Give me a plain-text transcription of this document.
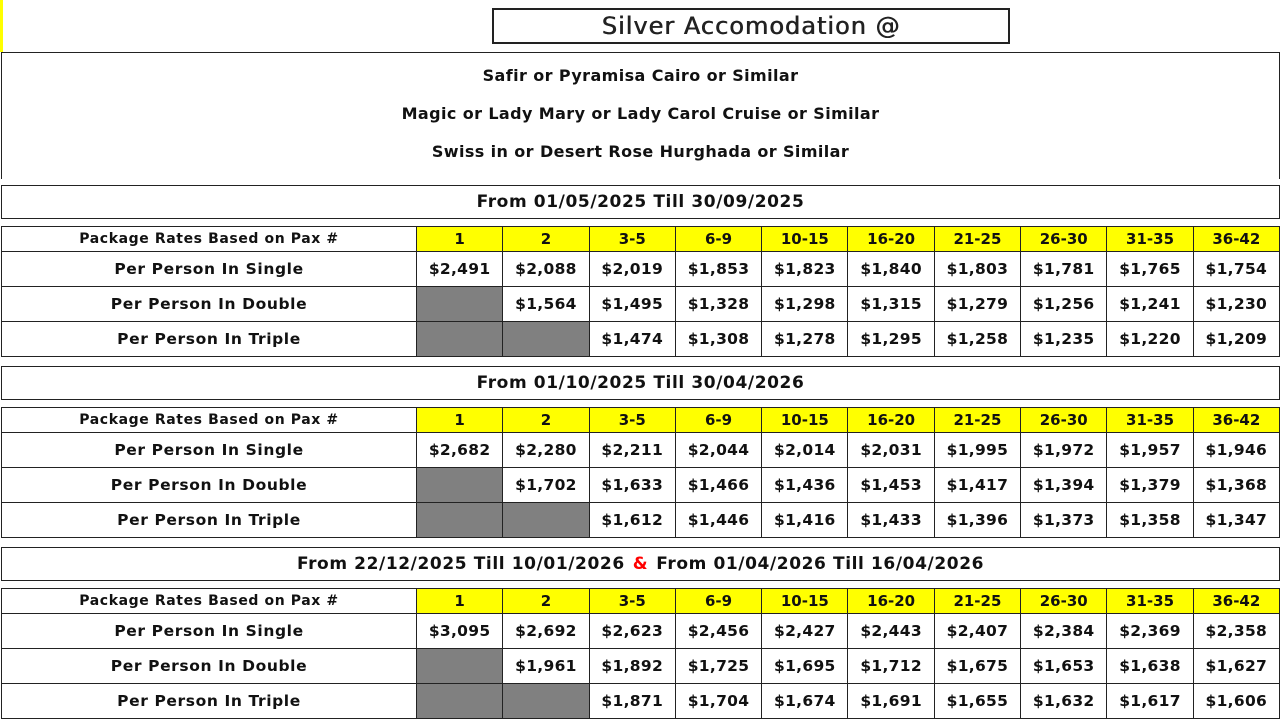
Silver Accomodation @
Safir or Pyramisa Cairo or Similar
Magic or Lady Mary or Lady Carol Cruise or Similar
Swiss in or Desert Rose Hurghada or Similar
From 01/05/2025 Till 30/09/2025
Package Rates Based on Pax #	1	2	3-5	6-9	10-15	16-20	21-25	26-30	31-35	36-42
Per Person In Single	$2,491	$2,088	$2,019	$1,853	$1,823	$1,840	$1,803	$1,781	$1,765	$1,754
Per Person In Double		$1,564	$1,495	$1,328	$1,298	$1,315	$1,279	$1,256	$1,241	$1,230
Per Person In Triple			$1,474	$1,308	$1,278	$1,295	$1,258	$1,235	$1,220	$1,209
From 01/10/2025 Till 30/04/2026
Package Rates Based on Pax #	1	2	3-5	6-9	10-15	16-20	21-25	26-30	31-35	36-42
Per Person In Single	$2,682	$2,280	$2,211	$2,044	$2,014	$2,031	$1,995	$1,972	$1,957	$1,946
Per Person In Double		$1,702	$1,633	$1,466	$1,436	$1,453	$1,417	$1,394	$1,379	$1,368
Per Person In Triple			$1,612	$1,446	$1,416	$1,433	$1,396	$1,373	$1,358	$1,347
From 22/12/2025 Till 10/01/2026 & From 01/04/2026 Till 16/04/2026
Package Rates Based on Pax #	1	2	3-5	6-9	10-15	16-20	21-25	26-30	31-35	36-42
Per Person In Single	$3,095	$2,692	$2,623	$2,456	$2,427	$2,443	$2,407	$2,384	$2,369	$2,358
Per Person In Double		$1,961	$1,892	$1,725	$1,695	$1,712	$1,675	$1,653	$1,638	$1,627
Per Person In Triple			$1,871	$1,704	$1,674	$1,691	$1,655	$1,632	$1,617	$1,606
